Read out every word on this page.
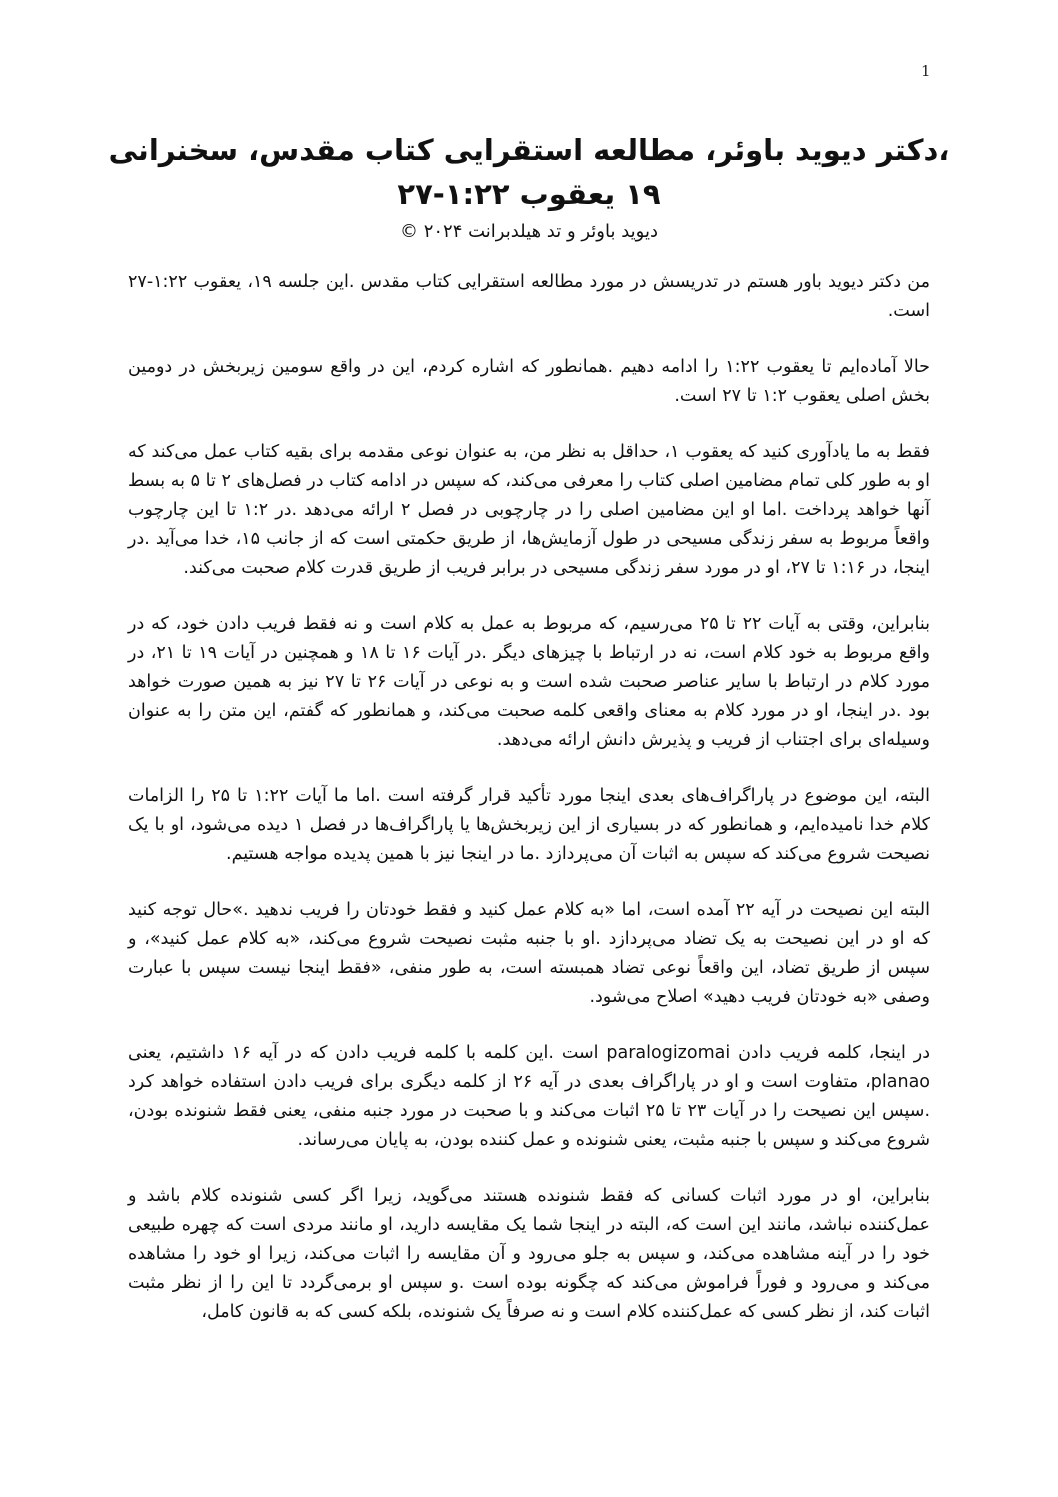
1
،دکتر دیوید باوئر، مطالعه استقرایی کتاب مقدس، سخنرانی ۱۹ یعقوب ۱:۲۲-۲۷

دیوید باوئر و تد هیلدبرانت ۲۰۲۴ ©

من دکتر دیوید باور هستم در تدریسش در مورد مطالعه استقرایی کتاب مقدس .این جلسه ۱۹، یعقوب ۱:۲۲-۲۷ است.

حالا آماده‌ایم تا یعقوب ۱:۲۲ را ادامه دهیم .همانطور که اشاره کردم، این در واقع سومین زیربخش در دومین بخش اصلی یعقوب ۱:۲ تا ۲۷ است.

فقط به ما یادآوری کنید که یعقوب ۱، حداقل به نظر من، به عنوان نوعی مقدمه برای بقیه کتاب عمل می‌کند که او به طور کلی تمام مضامین اصلی کتاب را معرفی می‌کند، که سپس در ادامه کتاب در فصل‌های ۲ تا ۵ به بسط آنها خواهد پرداخت .اما او این مضامین اصلی را در چارچوبی در فصل ۲ ارائه می‌دهد .در ۱:۲ تا این چارچوب واقعاً مربوط به سفر زندگی مسیحی در طول آزمایش‌ها، از طریق حکمتی است که از جانب ۱۵، خدا می‌آید .در اینجا، در ۱:۱۶ تا ۲۷، او در مورد سفر زندگی مسیحی در برابر فریب از طریق قدرت کلام صحبت می‌کند.

بنابراین، وقتی به آیات ۲۲ تا ۲۵ می‌رسیم، که مربوط به عمل به کلام است و نه فقط فریب دادن خود، که در واقع مربوط به خود کلام است، نه در ارتباط با چیزهای دیگر .در آیات ۱۶ تا ۱۸ و همچنین در آیات ۱۹ تا ۲۱، در مورد کلام در ارتباط با سایر عناصر صحبت شده است و به نوعی در آیات ۲۶ تا ۲۷ نیز به همین صورت خواهد بود .در اینجا، او در مورد کلام به معنای واقعی کلمه صحبت می‌کند، و همانطور که گفتم، این متن را به عنوان وسیله‌ای برای اجتناب از فریب و پذیرش دانش ارائه می‌دهد.

البته، این موضوع در پاراگراف‌های بعدی اینجا مورد تأکید قرار گرفته است .اما ما آیات ۱:۲۲ تا ۲۵ را الزامات کلام خدا نامیده‌ایم، و همانطور که در بسیاری از این زیربخش‌ها یا پاراگراف‌ها در فصل ۱ دیده می‌شود، او با یک نصیحت شروع می‌کند که سپس به اثبات آن می‌پردازد .ما در اینجا نیز با همین پدیده مواجه هستیم.

البته این نصیحت در آیه ۲۲ آمده است، اما «به کلام عمل کنید و فقط خودتان را فریب ندهید .»حال توجه کنید که او در این نصیحت به یک تضاد می‌پردازد .او با جنبه مثبت نصیحت شروع می‌کند، «به کلام عمل کنید»، و سپس از طریق تضاد، این واقعاً نوعی تضاد همبسته است، به طور منفی، «فقط اینجا نیست سپس با عبارت وصفی «به خودتان فریب دهید» اصلاح می‌شود.

در اینجا، کلمه فریب دادن paralogizomai است .این کلمه با کلمه فریب دادن که در آیه ۱۶ داشتیم، یعنی planao، متفاوت است و او در پاراگراف بعدی در آیه ۲۶ از کلمه دیگری برای فریب دادن استفاده خواهد کرد .سپس این نصیحت را در آیات ۲۳ تا ۲۵ اثبات می‌کند و با صحبت در مورد جنبه منفی، یعنی فقط شنونده بودن، شروع می‌کند و سپس با جنبه مثبت، یعنی شنونده و عمل کننده بودن، به پایان می‌رساند.

بنابراین، او در مورد اثبات کسانی که فقط شنونده هستند می‌گوید، زیرا اگر کسی شنونده کلام باشد و عمل‌کننده نباشد، مانند این است که، البته در اینجا شما یک مقایسه دارید، او مانند مردی است که چهره طبیعی خود را در آینه مشاهده می‌کند، و سپس به جلو می‌رود و آن مقایسه را اثبات می‌کند، زیرا او خود را مشاهده می‌کند و می‌رود و فوراً فراموش می‌کند که چگونه بوده است .و سپس او برمی‌گردد تا این را از نظر مثبت اثبات کند، از نظر کسی که عمل‌کننده کلام است و نه صرفاً یک شنونده، بلکه کسی که به قانون کامل،
